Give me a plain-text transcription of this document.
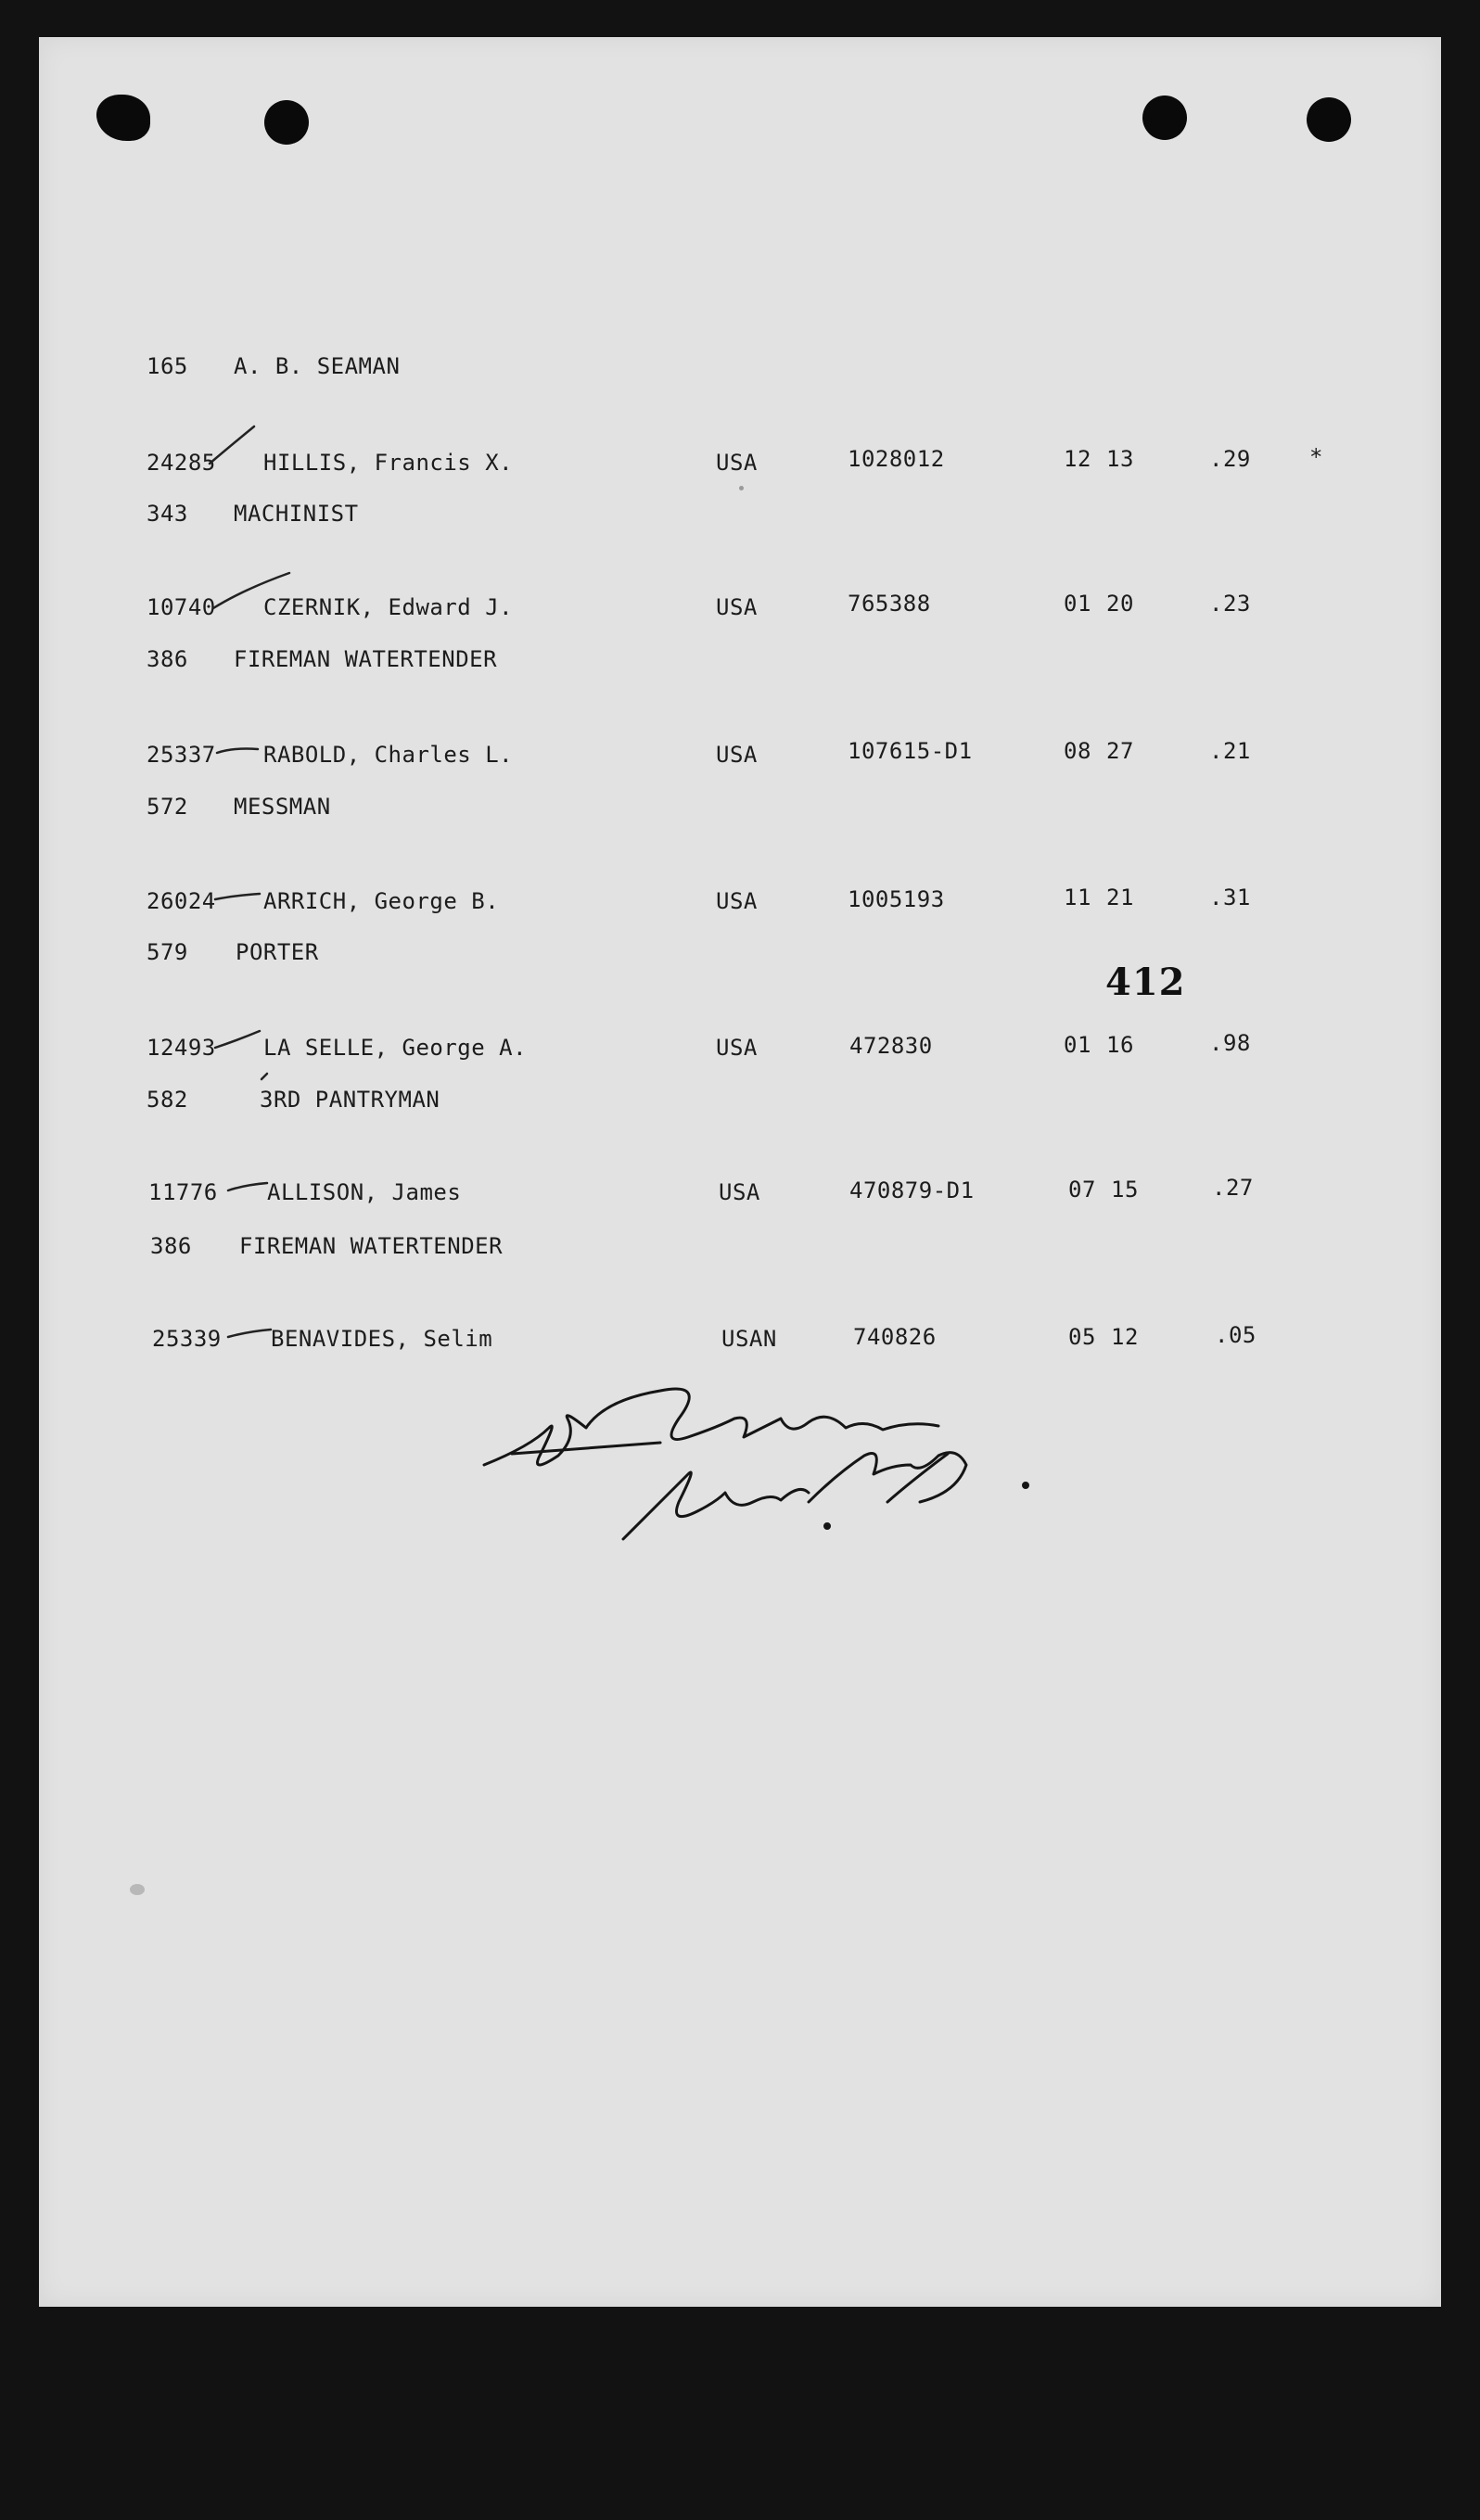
165 A. B. SEAMAN
24285 HILLIS, Francis X.	USA	1028012	12 13	.29	*
343 MACHINIST
10740 CZERNIK, Edward J.	USA	765388	01 20	.23
386 FIREMAN WATERTENDER
25337 RABOLD, Charles L.	USA	107615-D1	08 27	.21
572 MESSMAN
26024 ARRICH, George B.	USA	1005193	11 21	.31
579 PORTER
412
12493 LA SELLE, George A.	USA	472830	01 16	.98
582	3RD PANTRYMAN
11776 ALLISON, James	USA	470879-D1	07 15	.27
386 FIREMAN WATERTENDER
25339 BENAVIDES, Selim	USAN	740826	05 12	.05
